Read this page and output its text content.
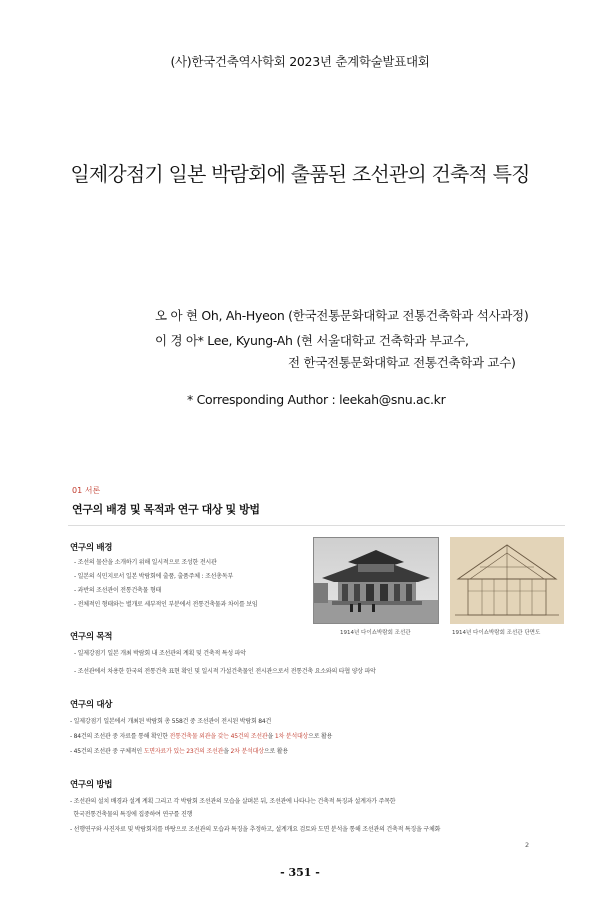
(사)한국건축역사학회 2023년 춘계학술발표대회
일제강점기 일본 박람회에 출품된 조선관의 건축적 특징
오 아 현 Oh, Ah-Hyeon (한국전통문화대학교 전통건축학과 석사과정)
이 경 아* Lee, Kyung-Ah (현 서울대학교 건축학과 부교수,
전 한국전통문화대학교 전통건축학과 교수)
* Corresponding Author : leekah@snu.ac.kr
01 서론
연구의 배경 및 목적과 연구 대상 및 방법
연구의 배경
- 조선의 물산을 소개하기 위해 일시적으로 조성한 전시관
- 일본의 식민지로서 일본 박람회에 출품, 출품주체 : 조선총독부
- 과반의 조선관이 전통건축물 형태
- 전체적인 형태와는 별개로 세부적인 부분에서 전통건축물과 차이를 보임
1914년 다이쇼박람회 조선관	1914년 다이쇼박람회 조선관 단면도
연구의 목적
- 일제강점기 일본 개최 박람회 내 조선관의 계획 및 건축적 특성 파악
- 조선관에서 차용한 한국의 전통건축 표현 확인 및 일시적 가설건축물인 전시관으로서 전통건축 요소와의 타협 양상 파악
연구의 대상
- 일제강점기 일본에서 개최된 박람회 총 558건 중 조선관이 전시된 박람회 84건
- 84건의 조선관 중 자료를 통해 확인한 전통건축물 외관을 갖는 45건의 조선관을 1차 분석대상으로 활용
- 45건의 조선관 중 구체적인 도면자료가 있는 23건의 조선관을 2차 분석대상으로 활용
연구의 방법
- 조선관의 설치 배경과 설계 계획 그리고 각 박람회 조선관의 모습을 살펴본 뒤, 조선관에 나타나는 건축적 특징과 설계자가 주목한
한국전통건축물의 특징에 집중하여 연구를 진행
- 선행연구와 사진자료 및 박람회지를 바탕으로 조선관의 모습과 특징을 추정하고, 설계개요 검토와 도면 분석을 통해 조선관의 건축적 특징을 구체화
2
- 351 -
